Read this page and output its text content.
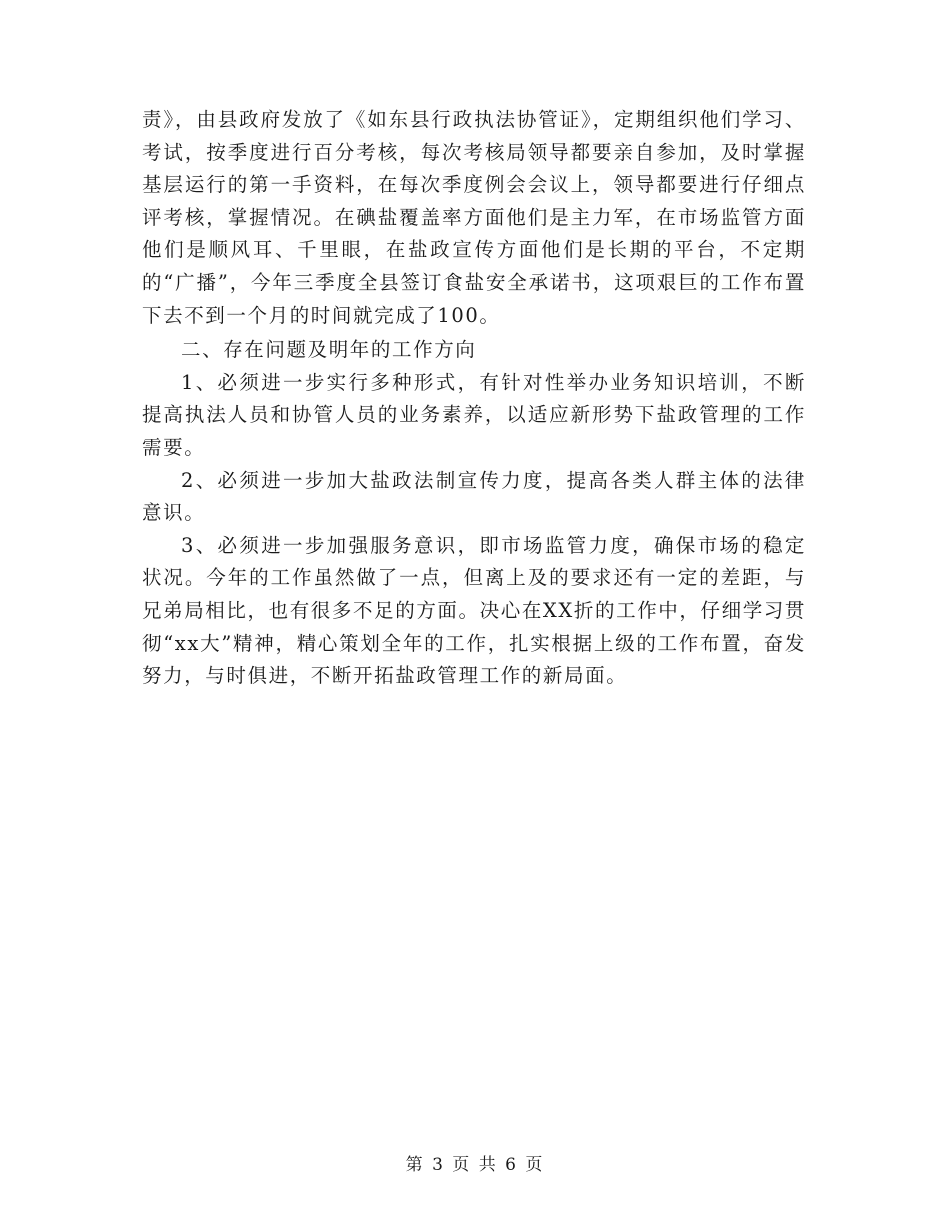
责》，由县政府发放了《如东县行政执法协管证》，定期组织他们学习、考试，按季度进行百分考核，每次考核局领导都要亲自参加，及时掌握基层运行的第一手资料，在每次季度例会会议上，领导都要进行仔细点评考核，掌握情况。在碘盐覆盖率方面他们是主力军，在市场监管方面他们是顺风耳、千里眼，在盐政宣传方面他们是长期的平台，不定期的“广播”，今年三季度全县签订食盐安全承诺书，这项艰巨的工作布置下去不到一个月的时间就完成了100。

二、存在问题及明年的工作方向

1、必须进一步实行多种形式，有针对性举办业务知识培训，不断提高执法人员和协管人员的业务素养，以适应新形势下盐政管理的工作需要。

2、必须进一步加大盐政法制宣传力度，提高各类人群主体的法律意识。

3、必须进一步加强服务意识，即市场监管力度，确保市场的稳定状况。今年的工作虽然做了一点，但离上及的要求还有一定的差距，与兄弟局相比，也有很多不足的方面。决心在XX折的工作中，仔细学习贯彻“xx大”精神，精心策划全年的工作，扎实根据上级的工作布置，奋发努力，与时俱进，不断开拓盐政管理工作的新局面。

第 3 页 共 6 页
